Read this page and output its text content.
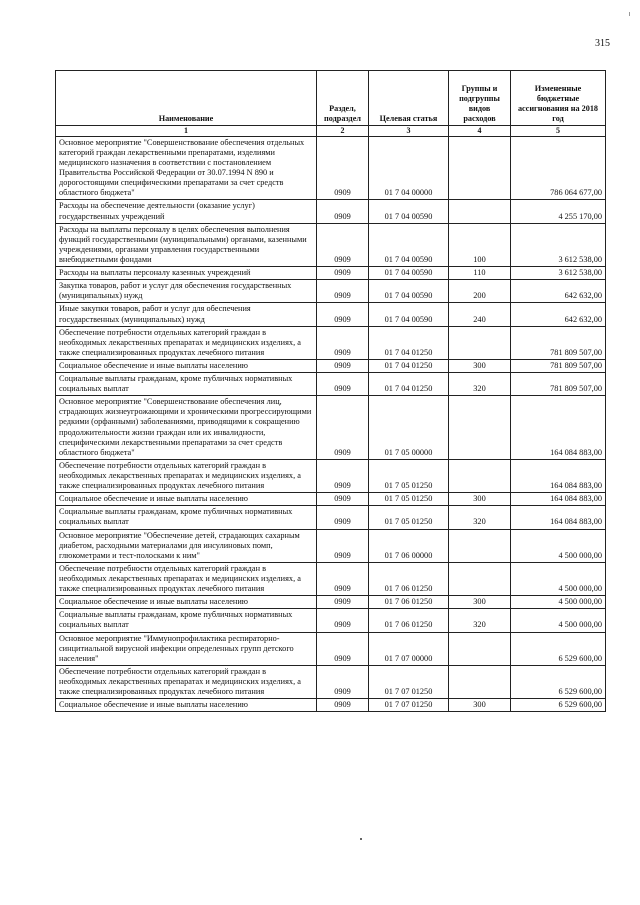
315
Наименование	Раздел, подраздел	Целевая статья	Группы и подгруппы видов расходов	Измененные бюджетные ассигнования на 2018 год
1	2	3	4	5
Основное мероприятие "Совершенствование обеспечения отдельных категорий граждан лекарственными препаратами, изделиями медицинского назначения в соответствии с постановлением Правительства Российской Федерации от 30.07.1994 N 890 и дорогостоящими специфическими препаратами за счет средств областного бюджета"	0909	01 7 04 00000		786 064 677,00
Расходы на обеспечение деятельности (оказание услуг) государственных учреждений	0909	01 7 04 00590		4 255 170,00
Расходы на выплаты персоналу в целях обеспечения выполнения функций государственными (муниципальными) органами, казенными учреждениями, органами управления государственными внебюджетными фондами	0909	01 7 04 00590	100	3 612 538,00
Расходы на выплаты персоналу казенных учреждений	0909	01 7 04 00590	110	3 612 538,00
Закупка товаров, работ и услуг для обеспечения государственных (муниципальных) нужд	0909	01 7 04 00590	200	642 632,00
Иные закупки товаров, работ и услуг для обеспечения государственных (муниципальных) нужд	0909	01 7 04 00590	240	642 632,00
Обеспечение потребности отдельных категорий граждан в необходимых лекарственных препаратах и медицинских изделиях, а также специализированных продуктах лечебного питания	0909	01 7 04 01250		781 809 507,00
Социальное обеспечение и иные выплаты населению	0909	01 7 04 01250	300	781 809 507,00
Социальные выплаты гражданам, кроме публичных нормативных социальных выплат	0909	01 7 04 01250	320	781 809 507,00
Основное мероприятие "Совершенствование обеспечения лиц, страдающих жизнеугрожающими и хроническими прогрессирующими редкими (орфанными) заболеваниями, приводящими к сокращению продолжительности жизни граждан или их инвалидности, специфическими лекарственными препаратами за счет средств областного бюджета"	0909	01 7 05 00000		164 084 883,00
Обеспечение потребности отдельных категорий граждан в необходимых лекарственных препаратах и медицинских изделиях, а также специализированных продуктах лечебного питания	0909	01 7 05 01250		164 084 883,00
Социальное обеспечение и иные выплаты населению	0909	01 7 05 01250	300	164 084 883,00
Социальные выплаты гражданам, кроме публичных нормативных социальных выплат	0909	01 7 05 01250	320	164 084 883,00
Основное мероприятие "Обеспечение детей, страдающих сахарным диабетом, расходными материалами для инсулиновых помп, глюкометрами и тест-полосками к ним"	0909	01 7 06 00000		4 500 000,00
Обеспечение потребности отдельных категорий граждан в необходимых лекарственных препаратах и медицинских изделиях, а также специализированных продуктах лечебного питания	0909	01 7 06 01250		4 500 000,00
Социальное обеспечение и иные выплаты населению	0909	01 7 06 01250	300	4 500 000,00
Социальные выплаты гражданам, кроме публичных нормативных социальных выплат	0909	01 7 06 01250	320	4 500 000,00
Основное мероприятие "Иммунопрофилактика респираторно-синцитиальной вирусной инфекции определенных групп детского населения"	0909	01 7 07 00000		6 529 600,00
Обеспечение потребности отдельных категорий граждан в необходимых лекарственных препаратах и медицинских изделиях, а также специализированных продуктах лечебного питания	0909	01 7 07 01250		6 529 600,00
Социальное обеспечение и иные выплаты населению	0909	01 7 07 01250	300	6 529 600,00
